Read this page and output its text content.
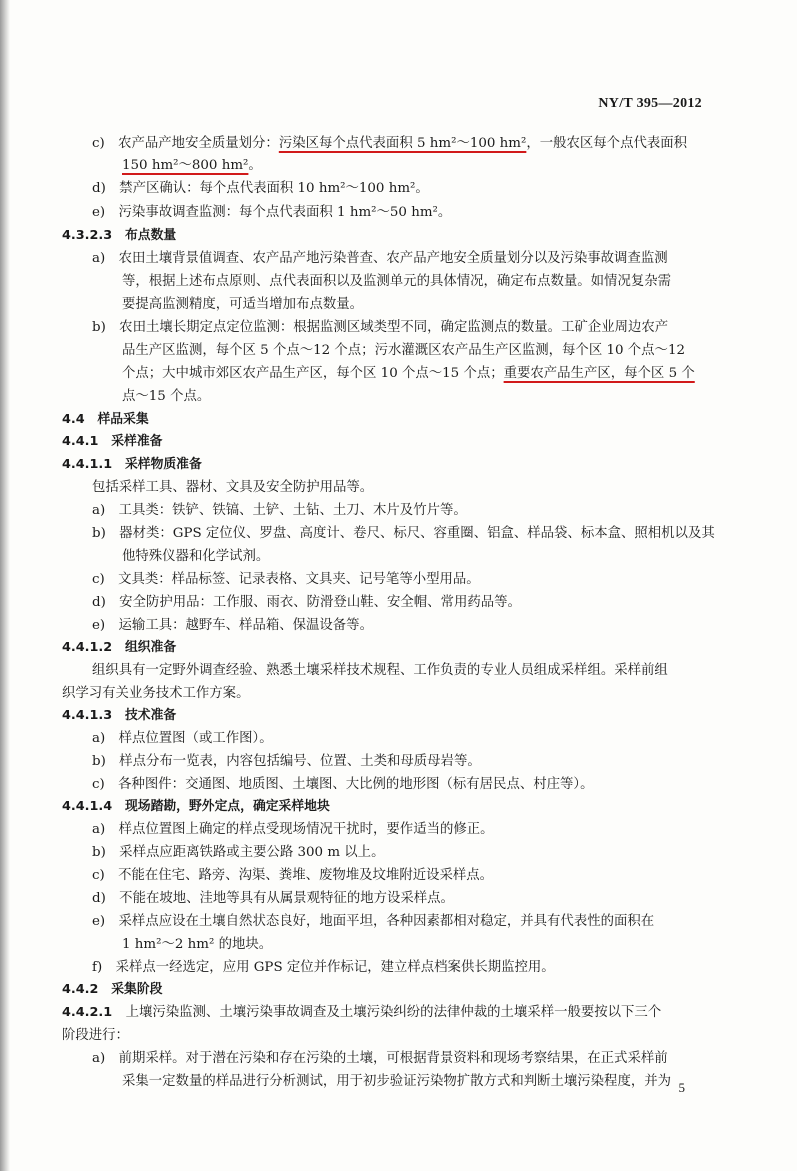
NY/T 395—2012
c)　农产品产地安全质量划分：污染区每个点代表面积 5 hm²～100 hm²，一般农区每个点代表面积
150 hm²～800 hm²。
d)　禁产区确认：每个点代表面积 10 hm²～100 hm²。
e)　污染事故调查监测：每个点代表面积 1 hm²～50 hm²。
4.3.2.3　布点数量
a)　农田土壤背景值调查、农产品产地污染普查、农产品产地安全质量划分以及污染事故调查监测
等，根据上述布点原则、点代表面积以及监测单元的具体情况，确定布点数量。如情况复杂需
要提高监测精度，可适当增加布点数量。
b)　农田土壤长期定点定位监测：根据监测区域类型不同，确定监测点的数量。工矿企业周边农产
品生产区监测，每个区 5 个点～12 个点；污水灌溉区农产品生产区监测，每个区 10 个点～12
个点；大中城市郊区农产品生产区，每个区 10 个点～15 个点；重要农产品生产区，每个区 5 个
点～15 个点。
4.4　样品采集
4.4.1　采样准备
4.4.1.1　采样物质准备
包括采样工具、器材、文具及安全防护用品等。
a)　工具类：铁铲、铁镐、土铲、土钻、土刀、木片及竹片等。
b)　器材类：GPS 定位仪、罗盘、高度计、卷尺、标尺、容重圈、铝盒、样品袋、标本盒、照相机以及其
他特殊仪器和化学试剂。
c)　文具类：样品标签、记录表格、文具夹、记号笔等小型用品。
d)　安全防护用品：工作服、雨衣、防滑登山鞋、安全帽、常用药品等。
e)　运输工具：越野车、样品箱、保温设备等。
4.4.1.2　组织准备
组织具有一定野外调查经验、熟悉土壤采样技术规程、工作负责的专业人员组成采样组。采样前组
织学习有关业务技术工作方案。
4.4.1.3　技术准备
a)　样点位置图（或工作图）。
b)　样点分布一览表，内容包括编号、位置、土类和母质母岩等。
c)　各种图件：交通图、地质图、土壤图、大比例的地形图（标有居民点、村庄等）。
4.4.1.4　现场踏勘，野外定点，确定采样地块
a)　样点位置图上确定的样点受现场情况干扰时，要作适当的修正。
b)　采样点应距离铁路或主要公路 300 m 以上。
c)　不能在住宅、路旁、沟渠、粪堆、废物堆及坟堆附近设采样点。
d)　不能在坡地、洼地等具有从属景观特征的地方设采样点。
e)　采样点应设在土壤自然状态良好，地面平坦，各种因素都相对稳定，并具有代表性的面积在
1 hm²～2 hm² 的地块。
f)　采样点一经选定，应用 GPS 定位并作标记，建立样点档案供长期监控用。
4.4.2　采集阶段
4.4.2.1　上壤污染监测、土壤污染事故调查及土壤污染纠纷的法律仲裁的土壤采样一般要按以下三个
阶段进行：
a)　前期采样。对于潜在污染和存在污染的土壤，可根据背景资料和现场考察结果，在正式采样前
采集一定数量的样品进行分析测试，用于初步验证污染物扩散方式和判断土壤污染程度，并为 5
